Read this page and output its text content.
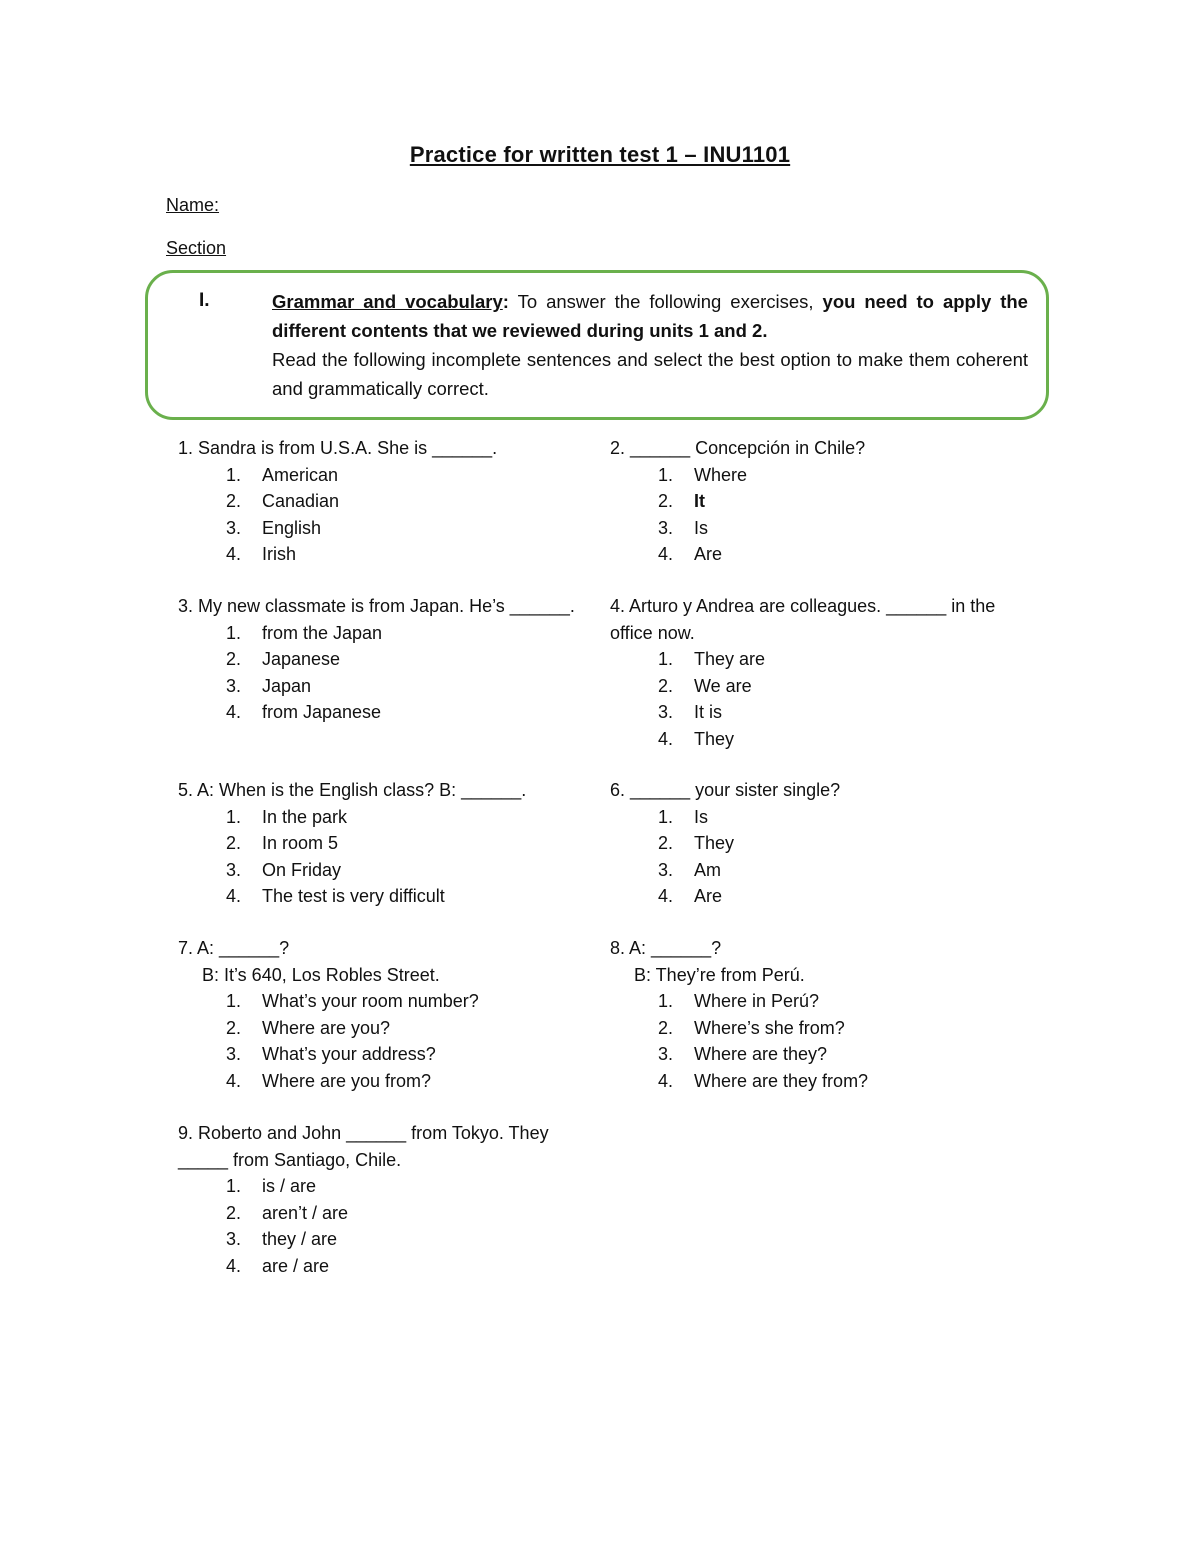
Practice for written test 1 – INU1101
Name:
Section
I.	Grammar and vocabulary: To answer the following exercises, you need to apply the different contents that we reviewed during units 1 and 2.
Read the following incomplete sentences and select the best option to make them coherent and grammatically correct.

1. Sandra is from U.S.A. She is ______.

1.	American
2.	Canadian
3.	English
4.	Irish

2. ______ Concepción in Chile?

1.	Where
2.	It
3.	Is
4.	Are

3. My new classmate is from Japan. He’s ______.

1.	from the Japan
2.	Japanese
3.	Japan
4.	from Japanese

4. Arturo y Andrea are colleagues. ______ in the office now.

1.	They are
2.	We are
3.	It is
4.	They

5. A: When is the English class? B: ______.

1.	In the park
2.	In room 5
3.	On Friday
4.	The test is very difficult

6. ______ your sister single?

1.	Is
2.	They
3.	Am
4.	Are

7. A: ______?

B: It’s 640, Los Robles Street.

1.	What’s your room number?
2.	Where are you?
3.	What’s your address?
4.	Where are you from?

8. A: ______?

B: They’re from Perú.

1.	Where in Perú?
2.	Where’s she from?
3.	Where are they?
4.	Where are they from?

9. Roberto and John ______ from Tokyo. They _____ from Santiago, Chile.

1.	is / are
2.	aren’t / are
3.	they / are
4.	are / are
